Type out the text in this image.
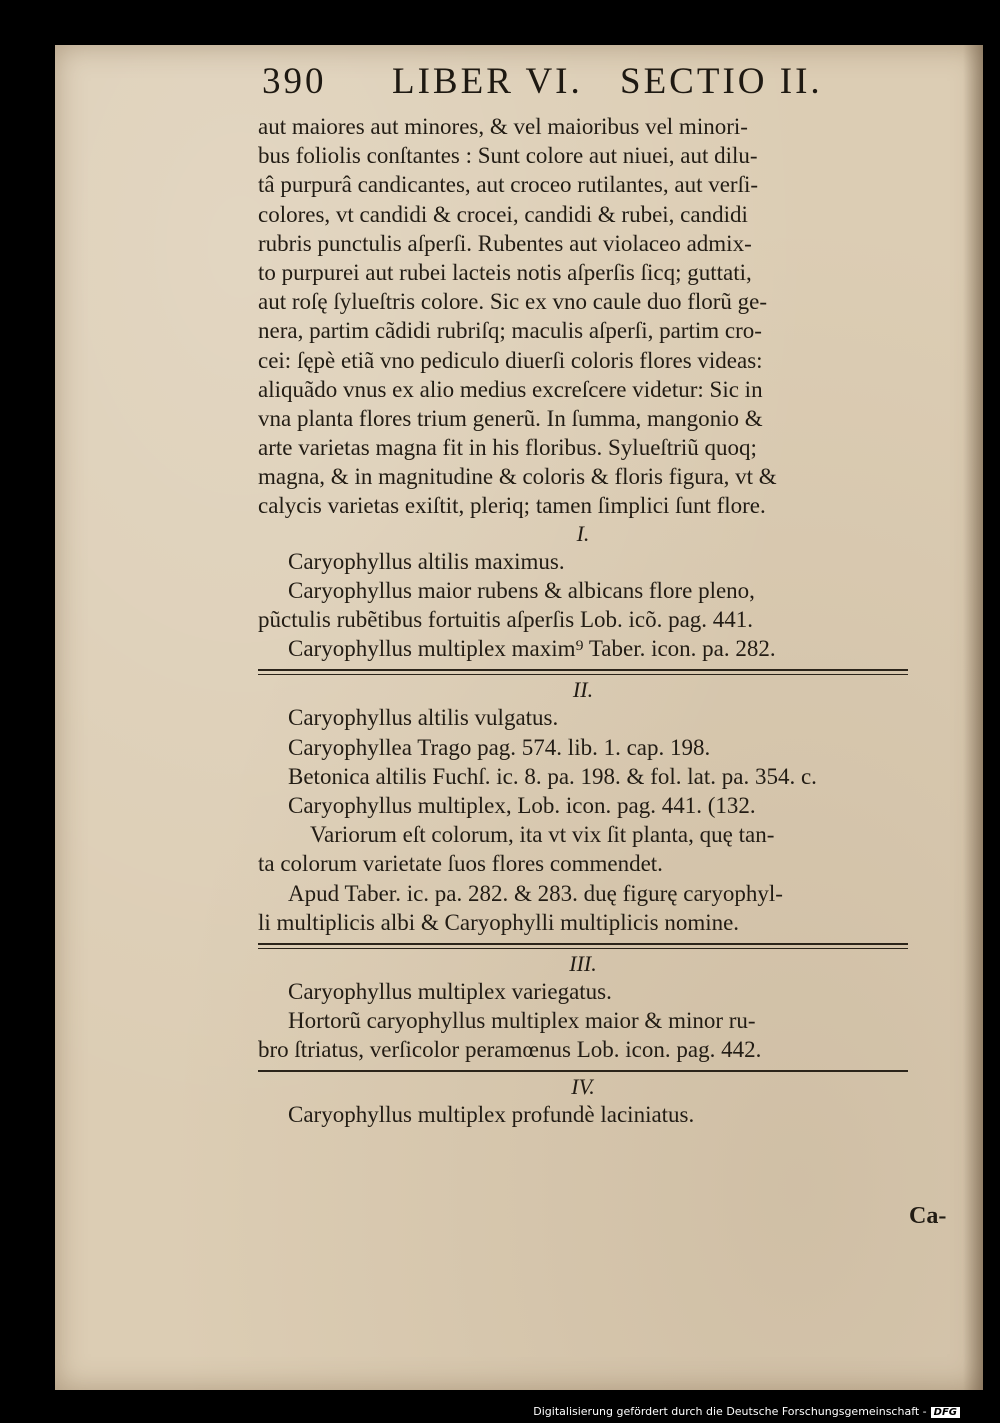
390 LIBER VI. SECTIO II.
aut maiores aut minores, & vel maioribus vel minori-
bus foliolis conſtantes : Sunt colore aut niuei, aut dilu-
tâ purpurâ candicantes, aut croceo rutilantes, aut verſi-
colores, vt candidi & crocei, candidi & rubei, candidi
rubris punctulis aſperſi. Rubentes aut violaceo admix-
to purpurei aut rubei lacteis notis aſperſis ſicq; guttati,
aut roſę ſylueſtris colore. Sic ex vno caule duo florũ ge-
nera, partim cãdidi rubriſq; maculis aſperſi, partim cro-
cei: ſępè etiã vno pediculo diuerſi coloris flores videas:
aliquãdo vnus ex alio medius excreſcere videtur: Sic in
vna planta flores trium generũ. In ſumma, mangonio &
arte varietas magna fit in his floribus. Sylueſtriũ quoq;
magna, & in magnitudine & coloris & floris figura, vt &
calycis varietas exiſtit, pleriq; tamen ſimplici ſunt flore.
I.
Caryophyllus altilis maximus.
Caryophyllus maior rubens & albicans flore pleno,
pũctulis rubẽtibus fortuitis aſperſis Lob. icõ. pag. 441.
Caryophyllus multiplex maxim⁹ Taber. icon. pa. 282.
II.
Caryophyllus altilis vulgatus.
Caryophyllea Trago pag. 574. lib. 1. cap. 198.
Betonica altilis Fuchſ. ic. 8. pa. 198. & fol. lat. pa. 354. c.
Caryophyllus multiplex, Lob. icon. pag. 441. (132.
Variorum eſt colorum, ita vt vix ſit planta, quę tan-
ta colorum varietate ſuos flores commendet.
Apud Taber. ic. pa. 282. & 283. duę figurę caryophyl-
li multiplicis albi & Caryophylli multiplicis nomine.
III.
Caryophyllus multiplex variegatus.
Hortorũ caryophyllus multiplex maior & minor ru-
bro ſtriatus, verſicolor peramœnus Lob. icon. pag. 442.
IV.
Caryophyllus multiplex profundè laciniatus.
Ca-
Digitalisierung gefördert durch die Deutsche Forschungsgemeinschaft - DFG
